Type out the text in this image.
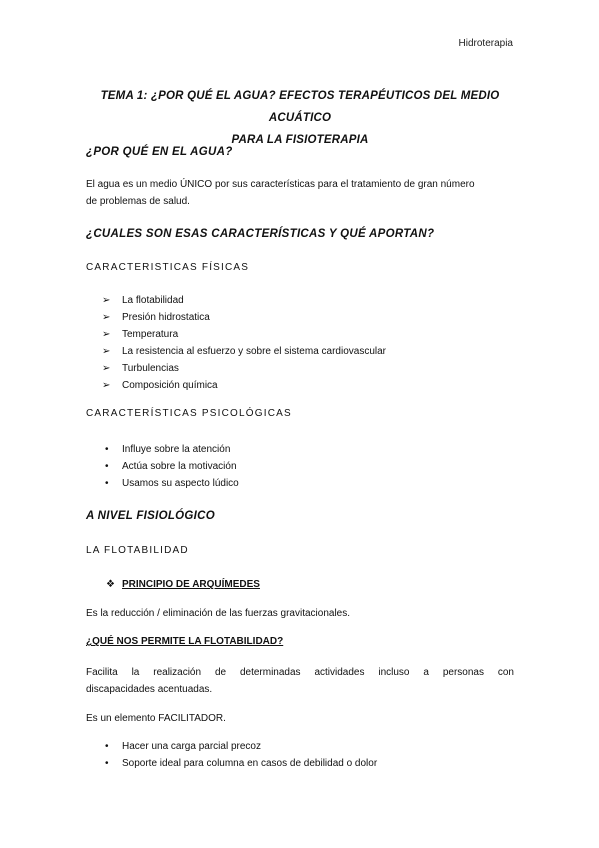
Hidroterapia
TEMA 1: ¿POR QUÉ EL AGUA? EFECTOS TERAPÉUTICOS DEL MEDIO ACUÁTICO
PARA LA FISIOTERAPIA
¿POR QUÉ EN EL AGUA?
El agua es un medio ÚNICO por sus características para el tratamiento de gran número
de problemas de salud.
¿CUALES SON ESAS CARACTERÍSTICAS Y QUÉ APORTAN?
CARACTERISTICAS FÍSICAS
➢ La flotabilidad
➢ Presión hidrostatica
➢ Temperatura
➢ La resistencia al esfuerzo y sobre el sistema cardiovascular
➢ Turbulencias
➢ Composición química
CARACTERÍSTICAS PSICOLÓGICAS
• Influye sobre la atención
• Actúa sobre la motivación
• Usamos su aspecto lúdico
A NIVEL FISIOLÓGICO
LA FLOTABILIDAD
❖ PRINCIPIO DE ARQUÍMEDES
Es la reducción / eliminación de las fuerzas gravitacionales.
¿QUÉ NOS PERMITE LA FLOTABILIDAD?
Facilita la realización de determinadas actividades incluso a personas con
discapacidades acentuadas.
Es un elemento FACILITADOR.
• Hacer una carga parcial precoz
• Soporte ideal para columna en casos de debilidad o dolor
